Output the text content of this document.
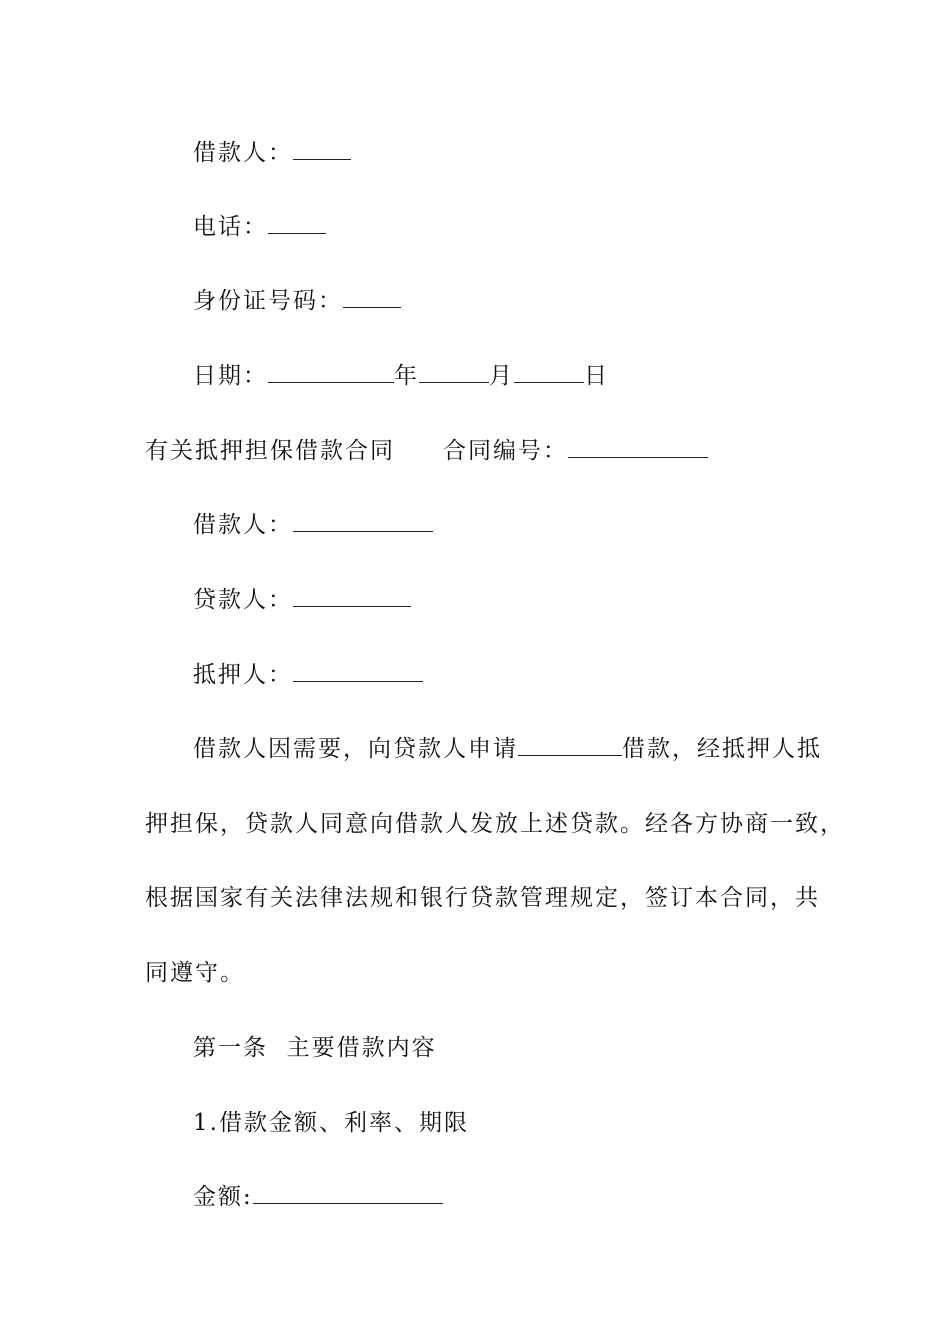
借款人：
电话：
身份证号码：
日期：	年	月	日
有关抵押担保借款合同 合同编号：
借款人：
贷款人：
抵押人：
借款人因需要，向贷款人申请	借款，经抵押人抵
押担保，贷款人同意向借款人发放上述贷款。经各方协商一致，
根据国家有关法律法规和银行贷款管理规定，签订本合同，共
同遵守。
第一条  主要借款内容
1.借款金额、利率、期限
金额:
